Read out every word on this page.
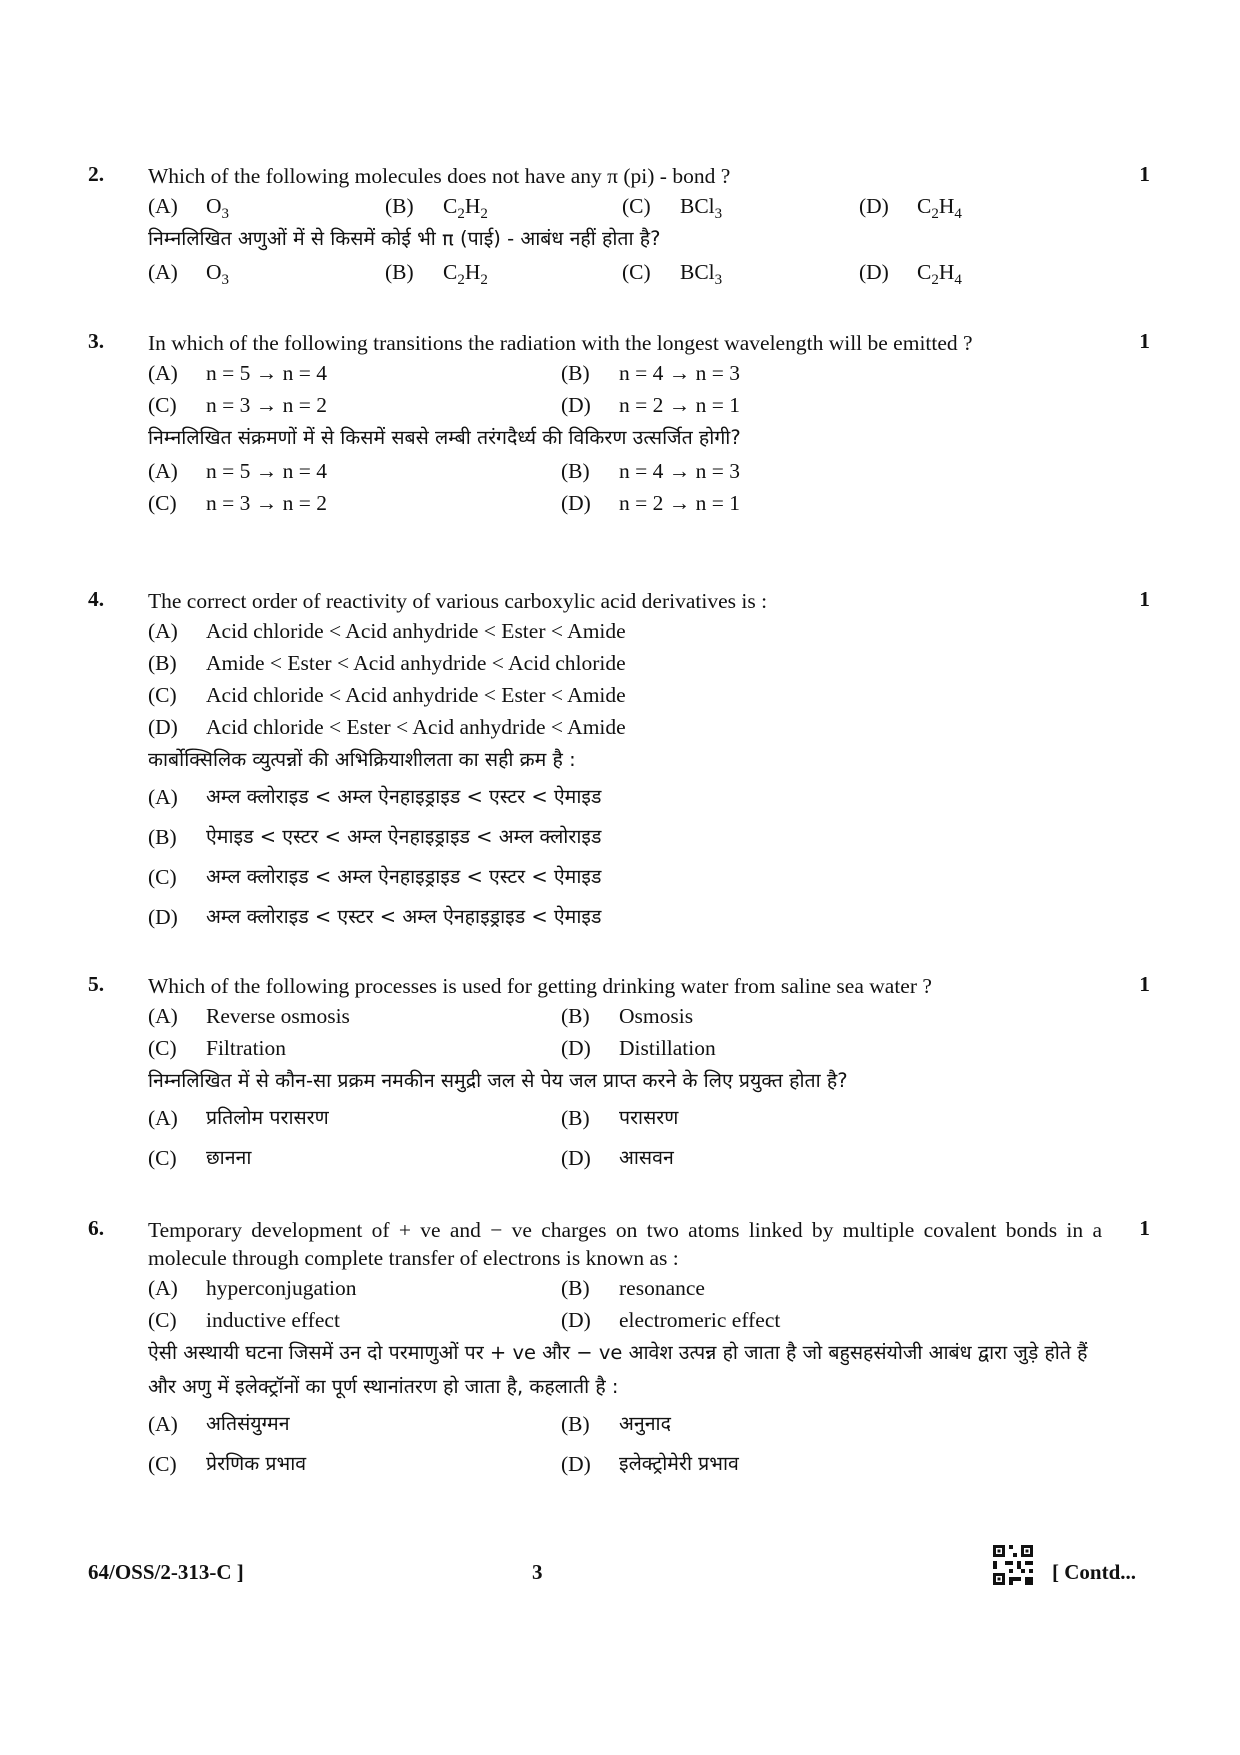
2.	1
Which of the following molecules does not have any π (pi) - bond ?
(A)	$O_3$	(B)	$C_2H_2$	(C)	BCl$_3$	(D)	$C_2H_4$
निम्नलिखित अणुओं में से किसमें कोई भी π (पाई) - आबंध नहीं होता है?
(A)	$O_3$	(B)	$C_2H_2$	(C)	BCl$_3$	(D)	$C_2H_4$
3.	1
In which of the following transitions the radiation with the longest wavelength will be emitted ?
(A)	n = 5 → n = 4	(B)	n = 4 → n = 3
(C)	n = 3 → n = 2	(D)	n = 2 → n = 1
निम्नलिखित संक्रमणों में से किसमें सबसे लम्बी तरंगदैर्ध्य की विकिरण उत्सर्जित होगी?
(A)	n = 5 → n = 4	(B)	n = 4 → n = 3
(C)	n = 3 → n = 2	(D)	n = 2 → n = 1
4.	1
The correct order of reactivity of various carboxylic acid derivatives is :
(A)	Acid chloride < Acid anhydride < Ester < Amide
(B)	Amide < Ester < Acid anhydride < Acid chloride
(C)	Acid chloride < Acid anhydride < Ester < Amide
(D)	Acid chloride < Ester < Acid anhydride < Amide
कार्बोक्सिलिक व्युत्पन्नों की अभिक्रियाशीलता का सही क्रम है :
(A)	अम्ल क्लोराइड < अम्ल ऐनहाइड्राइड < एस्टर < ऐमाइड
(B)	ऐमाइड < एस्टर < अम्ल ऐनहाइड्राइड < अम्ल क्लोराइड
(C)	अम्ल क्लोराइड < अम्ल ऐनहाइड्राइड < एस्टर < ऐमाइड
(D)	अम्ल क्लोराइड < एस्टर < अम्ल ऐनहाइड्राइड < ऐमाइड
5.	1
Which of the following processes is used for getting drinking water from saline sea water ?
(A)	Reverse osmosis	(B)	Osmosis
(C)	Filtration	(D)	Distillation
निम्नलिखित में से कौन-सा प्रक्रम नमकीन समुद्री जल से पेय जल प्राप्त करने के लिए प्रयुक्त होता है?
(A)	प्रतिलोम परासरण	(B)	परासरण
(C)	छानना	(D)	आसवन
6.	1
Temporary development of + ve and − ve charges on two atoms linked by multiple covalent bonds in a molecule through complete transfer of electrons is known as :
(A)	hyperconjugation	(B)	resonance
(C)	inductive effect	(D)	electromeric effect
ऐसी अस्थायी घटना जिसमें उन दो परमाणुओं पर + ve और − ve आवेश उत्पन्न हो जाता है जो बहुसहसंयोजी आबंध द्वारा जुड़े होते हैं और अणु में इलेक्ट्रॉनों का पूर्ण स्थानांतरण हो जाता है, कहलाती है :
(A)	अतिसंयुग्मन	(B)	अनुनाद
(C)	प्रेरणिक प्रभाव	(D)	इलेक्ट्रोमेरी प्रभाव
64/OSS/2-313-C ]	3	[ Contd...
